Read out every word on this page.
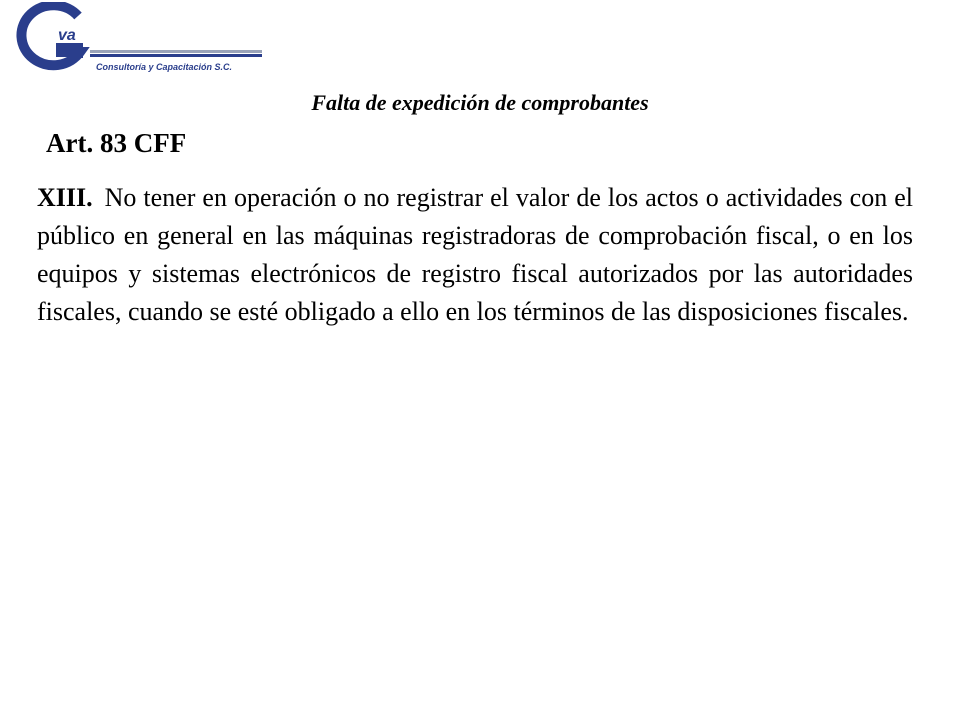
va
Consultoría y Capacitación S.C.
Falta de expedición de comprobantes
Art. 83 CFF

XIII. No tener en operación o no registrar el valor de los actos o actividades con el público en general en las máquinas registradoras de comprobación fiscal, o en los equipos y sistemas electrónicos de registro fiscal autorizados por las autoridades fiscales, cuando se esté obligado a ello en los términos de las disposiciones fiscales.
